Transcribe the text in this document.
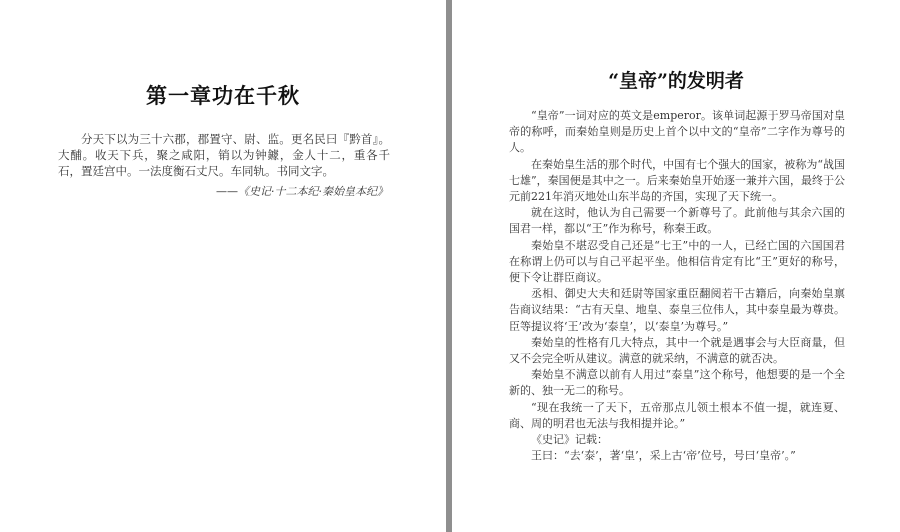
第一章功在千秋
分天下以为三十六郡，郡置守、尉、监。更名民曰『黔首』。大酺。收天下兵，聚之咸阳，销以为钟鐻，金人十二，重各千石，置廷宫中。一法度衡石丈尺。车同轨。书同文字。
——《史记·十二本纪·秦始皇本纪》
“皇帝”的发明者

“皇帝”一词对应的英文是emperor。该单词起源于罗马帝国对皇帝的称呼，而秦始皇则是历史上首个以中文的“皇帝”二字作为尊号的人。

在秦始皇生活的那个时代，中国有七个强大的国家，被称为“战国七雄”，秦国便是其中之一。后来秦始皇开始逐一兼并六国，最终于公元前221年消灭地处山东半岛的齐国，实现了天下统一。

就在这时，他认为自己需要一个新尊号了。此前他与其余六国的国君一样，都以“王”作为称号，称秦王政。

秦始皇不堪忍受自己还是“七王”中的一人，已经亡国的六国国君在称谓上仍可以与自己平起平坐。他相信肯定有比“王”更好的称号，便下令让群臣商议。

丞相、御史大夫和廷尉等国家重臣翻阅若干古籍后，向秦始皇禀告商议结果：“古有天皇、地皇、泰皇三位伟人，其中泰皇最为尊贵。臣等提议将‘王’改为‘泰皇’，以‘泰皇’为尊号。”

秦始皇的性格有几大特点，其中一个就是遇事会与大臣商量，但又不会完全听从建议。满意的就采纳，不满意的就否决。

秦始皇不满意以前有人用过“泰皇”这个称号，他想要的是一个全新的、独一无二的称号。

“现在我统一了天下，五帝那点儿领土根本不值一提，就连夏、商、周的明君也无法与我相提并论。”

《史记》记载：

王曰：“去‘泰’，著‘皇’，采上古‘帝’位号，号曰‘皇帝’。”
